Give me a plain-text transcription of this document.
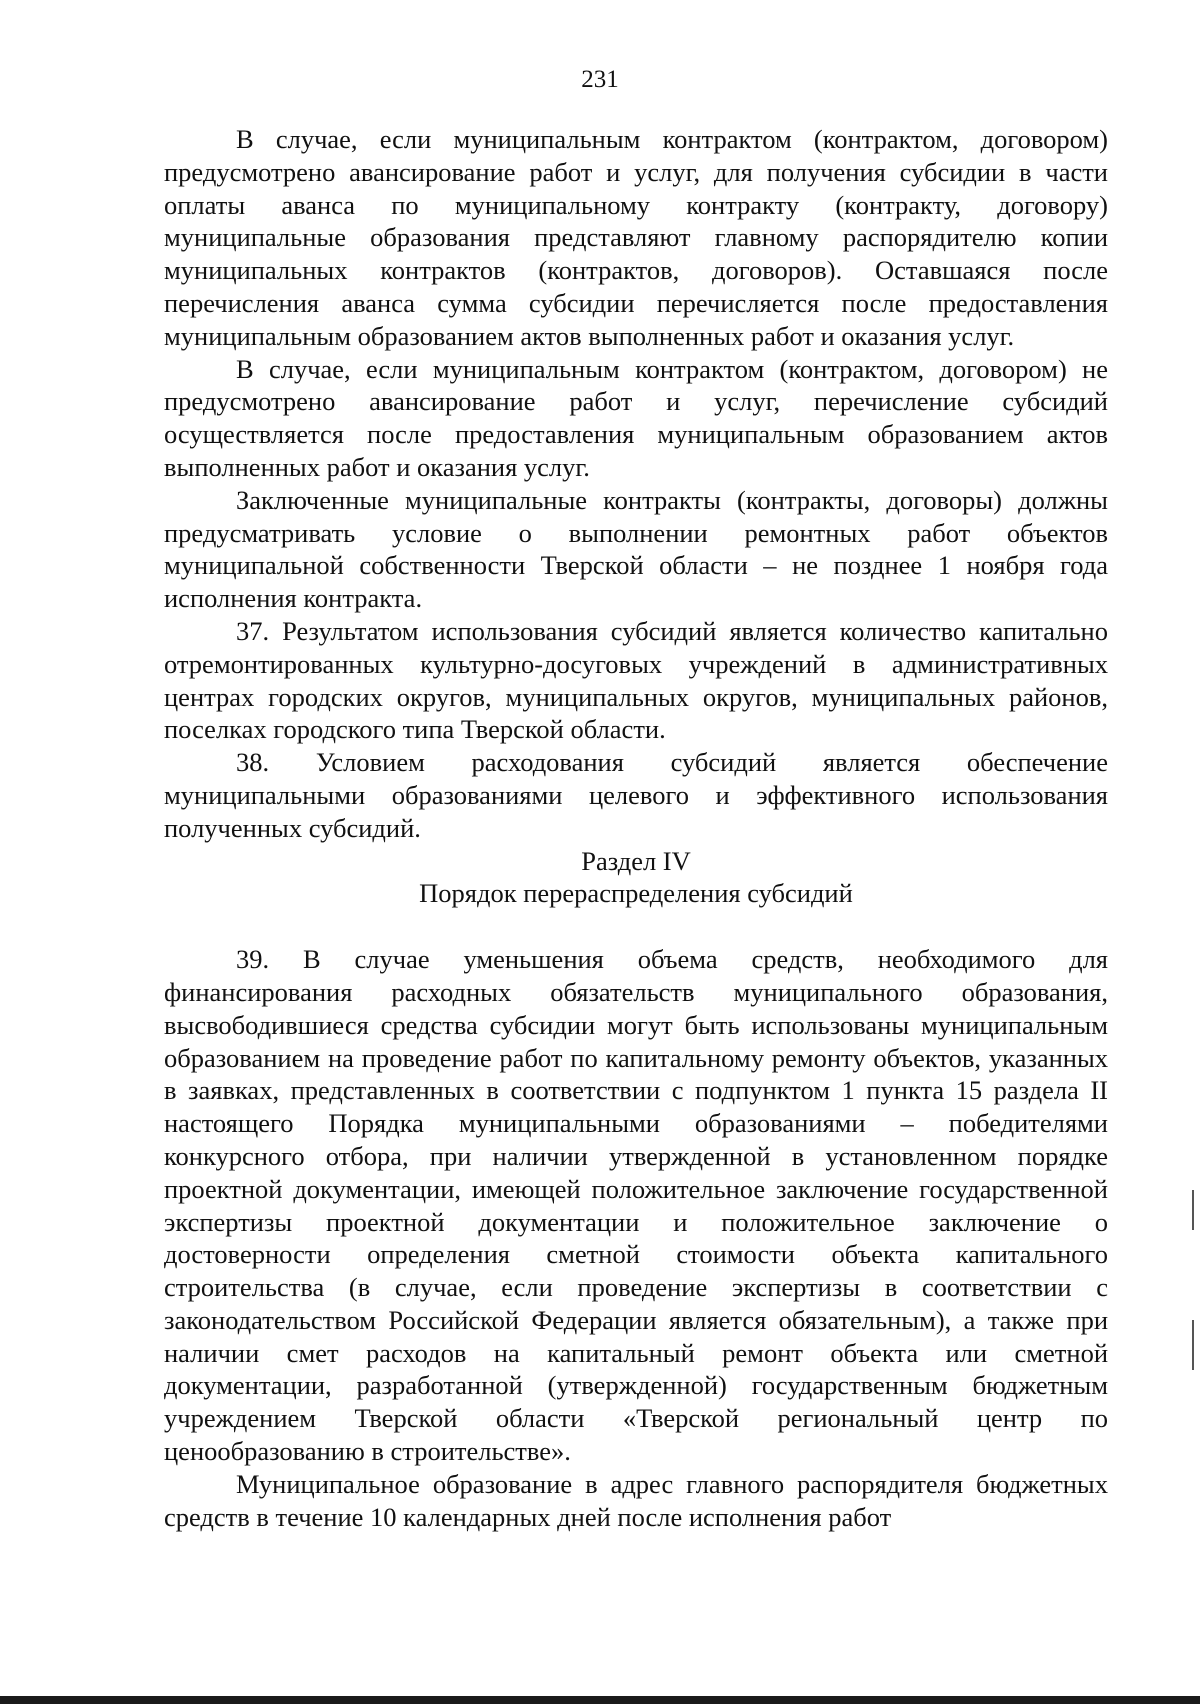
231

В случае, если муниципальным контрактом (контрактом, договором) предусмотрено авансирование работ и услуг, для получения субсидии в части оплаты аванса по муниципальному контракту (контракту, договору) муниципальные образования представляют главному распорядителю копии муниципальных контрактов (контрактов, договоров). Оставшаяся после перечисления аванса сумма субсидии перечисляется после предоставления муниципальным образованием актов выполненных работ и оказания услуг.

В случае, если муниципальным контрактом (контрактом, договором) не предусмотрено авансирование работ и услуг, перечисление субсидий осуществляется после предоставления муниципальным образованием актов выполненных работ и оказания услуг.

Заключенные муниципальные контракты (контракты, договоры) должны предусматривать условие о выполнении ремонтных работ объектов муниципальной собственности Тверской области – не позднее 1 ноября года исполнения контракта.

37. Результатом использования субсидий является количество капитально отремонтированных культурно-досуговых учреждений в административных центрах городских округов, муниципальных округов, муниципальных районов, поселках городского типа Тверской области.

38. Условием расходования субсидий является обеспечение муниципальными образованиями целевого и эффективного использования полученных субсидий.

Раздел IV

Порядок перераспределения субсидий

39. В случае уменьшения объема средств, необходимого для финансирования расходных обязательств муниципального образования, высвободившиеся средства субсидии могут быть использованы муниципальным образованием на проведение работ по капитальному ремонту объектов, указанных в заявках, представленных в соответствии с подпунктом 1 пункта 15 раздела II настоящего Порядка муниципальными образованиями – победителями конкурсного отбора, при наличии утвержденной в установленном порядке проектной документации, имеющей положительное заключение государственной экспертизы проектной документации и положительное заключение о достоверности определения сметной стоимости объекта капитального строительства (в случае, если проведение экспертизы в соответствии с законодательством Российской Федерации является обязательным), а также при наличии смет расходов на капитальный ремонт объекта или сметной документации, разработанной (утвержденной) государственным бюджетным учреждением Тверской области «Тверской региональный центр по ценообразованию в строительстве».

Муниципальное образование в адрес главного распорядителя бюджетных средств в течение 10 календарных дней после исполнения работ
